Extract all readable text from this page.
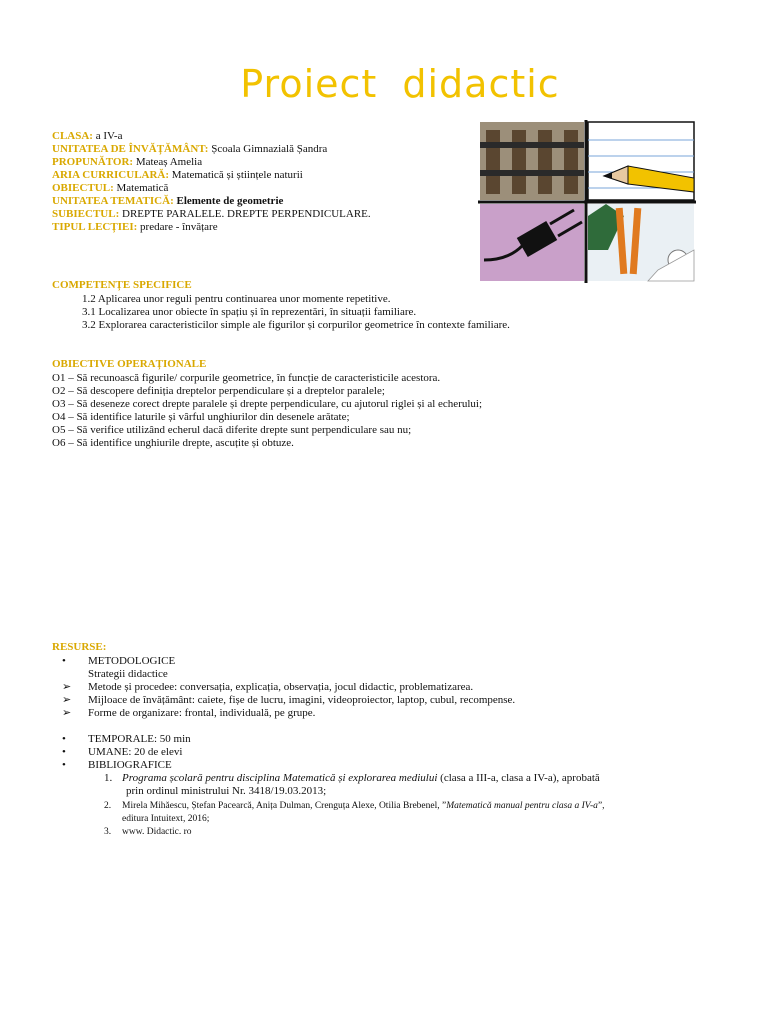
Proiect didactic
CLASA: a IV-a
UNITATEA DE ÎNVĂȚĂMÂNT: Școala Gimnazială Șandra
PROPUNĂTOR: Mateaș Amelia
ARIA CURRICULARĂ: Matematică și științele naturii
OBIECTUL: Matematică
UNITATEA TEMATICĂ: Elemente de geometrie
SUBIECTUL: DREPTE PARALELE. DREPTE PERPENDICULARE.
TIPUL LECȚIEI: predare - învățare
COMPETENȚE SPECIFICE
1.2 Aplicarea unor reguli pentru continuarea unor momente repetitive.
3.1 Localizarea unor obiecte în spațiu și în reprezentări, în situații familiare.
3.2 Explorarea caracteristicilor simple ale figurilor și corpurilor geometrice în contexte familiare.
OBIECTIVE OPERAȚIONALE
O1 – Să recunoască figurile/ corpurile geometrice, în funcție de caracteristicile acestora.
O2 – Să descopere definiția dreptelor perpendiculare și a dreptelor paralele;
O3 – Să deseneze corect drepte paralele și drepte perpendiculare, cu ajutorul riglei și al echerului;
O4 – Să identifice laturile și vârful unghiurilor din desenele arătate;
O5 – Să verifice utilizând echerul dacă diferite drepte sunt perpendiculare sau nu;
O6 – Să identifice unghiurile drepte, ascuțite și obtuze.
RESURSE:
• METODOLOGICE
Strategii didactice
➢ Metode și procedee: conversația, explicația, observația, jocul didactic, problematizarea.
➢ Mijloace de învățământ: caiete, fișe de lucru, imagini, videoproiector, laptop, cubul, recompense.
➢ Forme de organizare: frontal, individuală, pe grupe.
• TEMPORALE: 50 min
• UMANE: 20 de elevi
• BIBLIOGRAFICE
1. Programa școlară pentru disciplina Matematică și explorarea mediului (clasa a III-a, clasa a IV-a), aprobată
prin ordinul ministrului Nr. 3418/19.03.2013;
2. Mirela Mihăescu, Ștefan Pacearcă, Anița Dulman, Crenguța Alexe, Otilia Brebenel, ”Matematică manual pentru clasa a IV-a”,
editura Intuitext, 2016;
3. www. Didactic. ro
